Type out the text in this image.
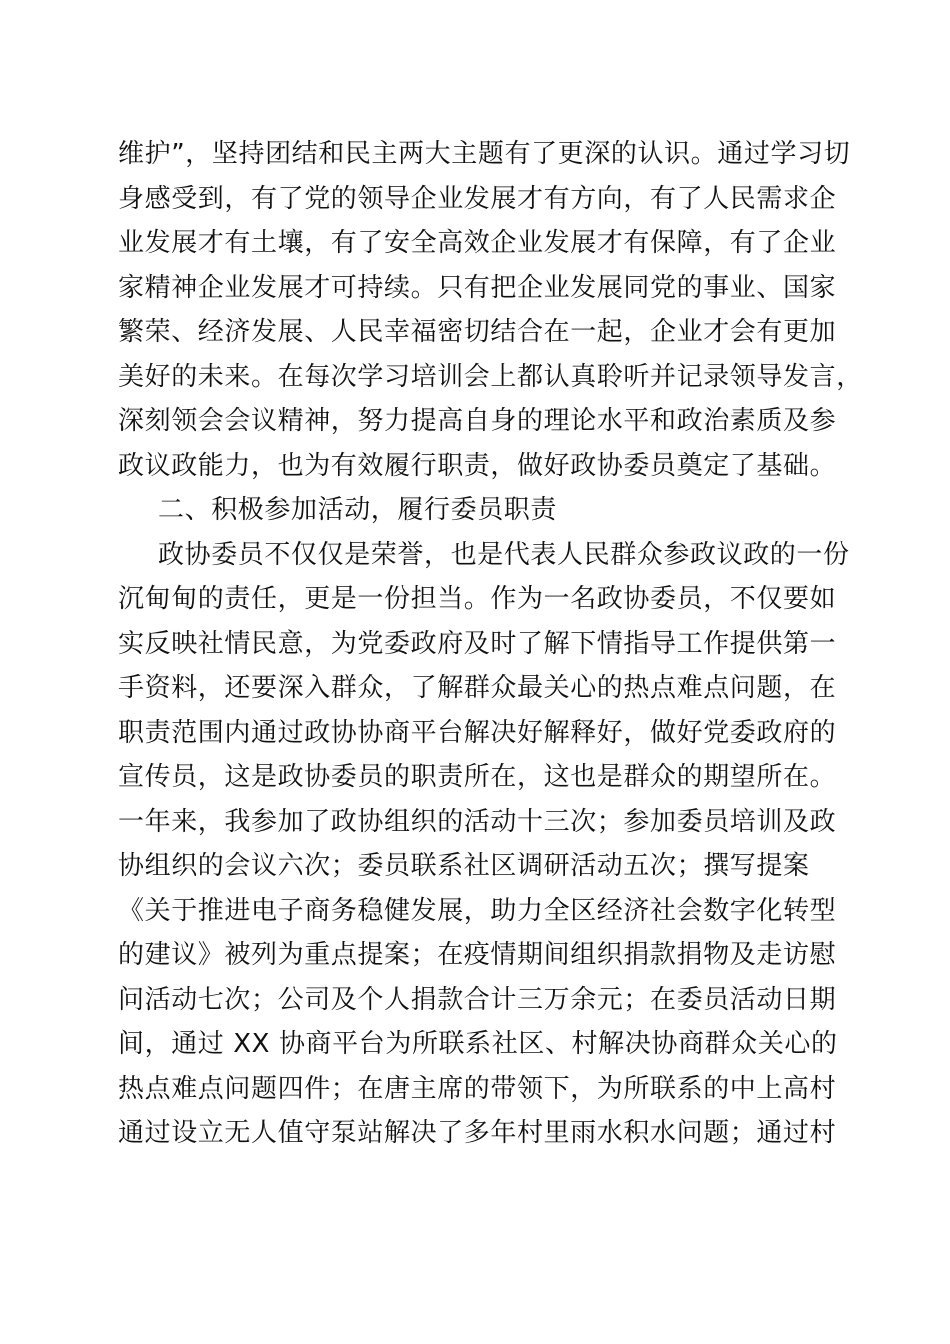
维护”，坚持团结和民主两大主题有了更深的认识。通过学习切
身感受到，有了党的领导企业发展才有方向，有了人民需求企
业发展才有土壤，有了安全高效企业发展才有保障，有了企业
家精神企业发展才可持续。只有把企业发展同党的事业、国家
繁荣、经济发展、人民幸福密切结合在一起，企业才会有更加
美好的未来。在每次学习培训会上都认真聆听并记录领导发言，
深刻领会会议精神，努力提高自身的理论水平和政治素质及参
政议政能力，也为有效履行职责，做好政协委员奠定了基础。
二、积极参加活动，履行委员职责
政协委员不仅仅是荣誉，也是代表人民群众参政议政的一份
沉甸甸的责任，更是一份担当。作为一名政协委员，不仅要如
实反映社情民意，为党委政府及时了解下情指导工作提供第一
手资料，还要深入群众，了解群众最关心的热点难点问题，在
职责范围内通过政协协商平台解决好解释好，做好党委政府的
宣传员，这是政协委员的职责所在，这也是群众的期望所在。
一年来，我参加了政协组织的活动十三次；参加委员培训及政
协组织的会议六次；委员联系社区调研活动五次；撰写提案
《关于推进电子商务稳健发展，助力全区经济社会数字化转型
的建议》被列为重点提案；在疫情期间组织捐款捐物及走访慰
问活动七次；公司及个人捐款合计三万余元；在委员活动日期
间，通过 XX 协商平台为所联系社区、村解决协商群众关心的
热点难点问题四件；在唐主席的带领下，为所联系的中上高村
通过设立无人值守泵站解决了多年村里雨水积水问题；通过村
